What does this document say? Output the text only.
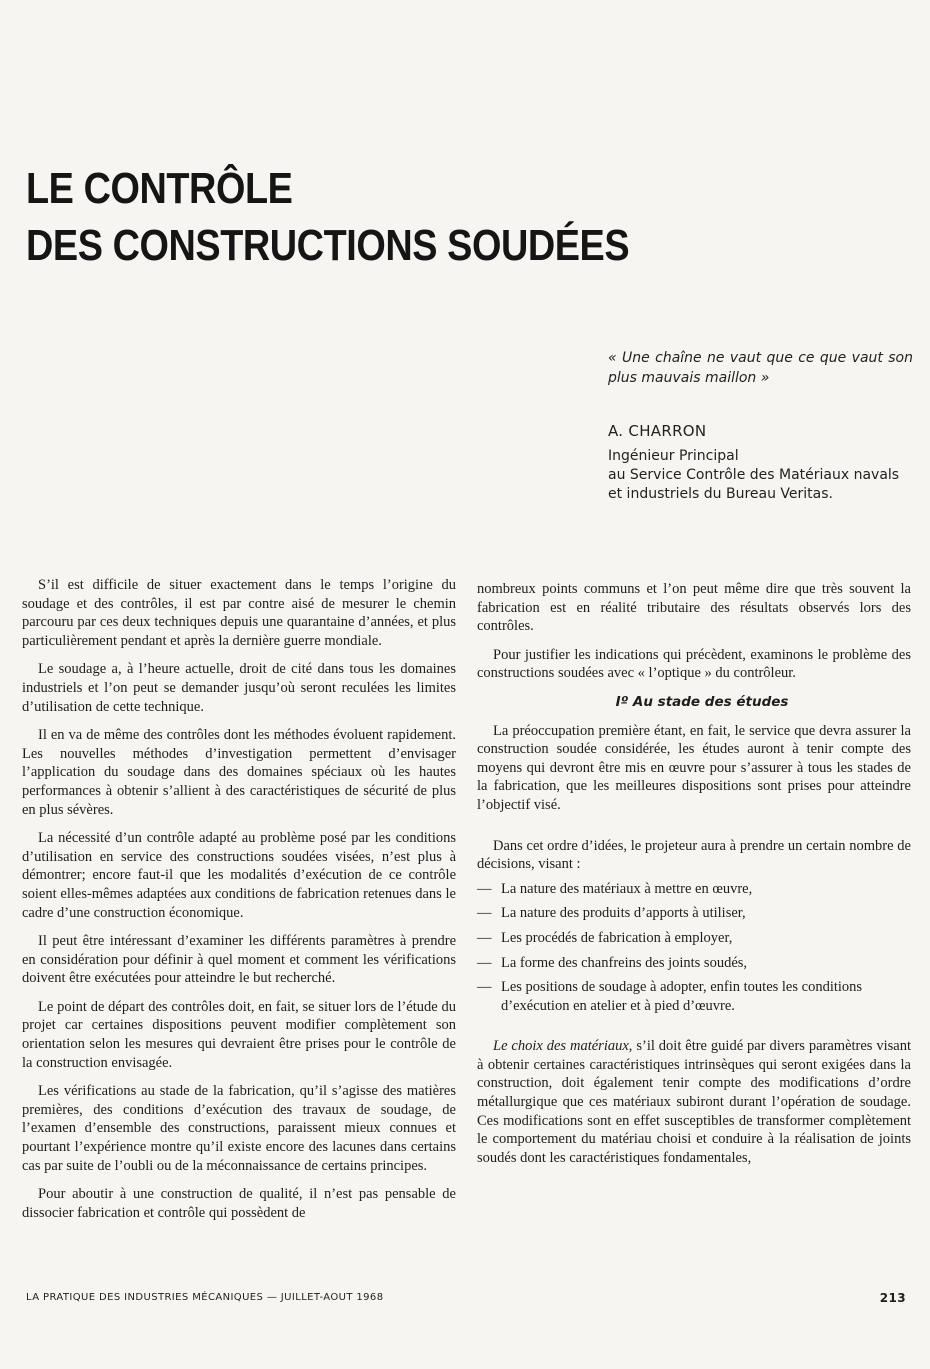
LE CONTRÔLE
DES CONSTRUCTIONS SOUDÉES
« Une chaîne ne vaut que ce que vaut son plus mauvais maillon »
A. CHARRON
Ingénieur Principal
au Service Contrôle des Matériaux navals
et industriels du Bureau Veritas.

S’il est difficile de situer exactement dans le temps l’origine du soudage et des contrôles, il est par contre aisé de mesurer le chemin parcouru par ces deux techniques depuis une quarantaine d’années, et plus particulièrement pendant et après la dernière guerre mondiale.

Le soudage a, à l’heure actuelle, droit de cité dans tous les domaines industriels et l’on peut se demander jusqu’où seront reculées les limites d’utilisation de cette technique.

Il en va de même des contrôles dont les méthodes évoluent rapidement. Les nouvelles méthodes d’investigation permettent d’envisager l’application du soudage dans des domaines spéciaux où les hautes performances à obtenir s’allient à des caractéristiques de sécurité de plus en plus sévères.

La nécessité d’un contrôle adapté au problème posé par les conditions d’utilisation en service des constructions soudées visées, n’est plus à démontrer; encore faut-il que les modalités d’exécution de ce contrôle soient elles-mêmes adaptées aux conditions de fabrication retenues dans le cadre d’une construction économique.

Il peut être intéressant d’examiner les différents paramètres à prendre en considération pour définir à quel moment et comment les vérifications doivent être exécutées pour atteindre le but recherché.

Le point de départ des contrôles doit, en fait, se situer lors de l’étude du projet car certaines dispositions peuvent modifier complètement son orientation selon les mesures qui devraient être prises pour le contrôle de la construction envisagée.

Les vérifications au stade de la fabrication, qu’il s’agisse des matières premières, des conditions d’exécution des travaux de soudage, de l’examen d’ensemble des constructions, paraissent mieux connues et pourtant l’expérience montre qu’il existe encore des lacunes dans certains cas par suite de l’oubli ou de la méconnaissance de certains principes.

Pour aboutir à une construction de qualité, il n’est pas pensable de dissocier fabrication et contrôle qui possèdent de

nombreux points communs et l’on peut même dire que très souvent la fabrication est en réalité tributaire des résultats observés lors des contrôles.

Pour justifier les indications qui précèdent, examinons le problème des constructions soudées avec « l’optique » du contrôleur.

Iº Au stade des études

La préoccupation première étant, en fait, le service que devra assurer la construction soudée considérée, les études auront à tenir compte des moyens qui devront être mis en œuvre pour s’assurer à tous les stades de la fabrication, que les meilleures dispositions sont prises pour atteindre l’objectif visé.

Dans cet ordre d’idées, le projeteur aura à prendre un certain nombre de décisions, visant :

— La nature des matériaux à mettre en œuvre,
— La nature des produits d’apports à utiliser,
— Les procédés de fabrication à employer,
— La forme des chanfreins des joints soudés,
— Les positions de soudage à adopter, enfin toutes les conditions d’exécution en atelier et à pied d’œuvre.

Le choix des matériaux, s’il doit être guidé par divers paramètres visant à obtenir certaines caractéristiques intrinsèques qui seront exigées dans la construction, doit également tenir compte des modifications d’ordre métallurgique que ces matériaux subiront durant l’opération de soudage. Ces modifications sont en effet susceptibles de transformer complètement le comportement du matériau choisi et conduire à la réalisation de joints soudés dont les caractéristiques fondamentales,

LA PRATIQUE DES INDUSTRIES MÉCANIQUES — JUILLET-AOUT 1968	213
